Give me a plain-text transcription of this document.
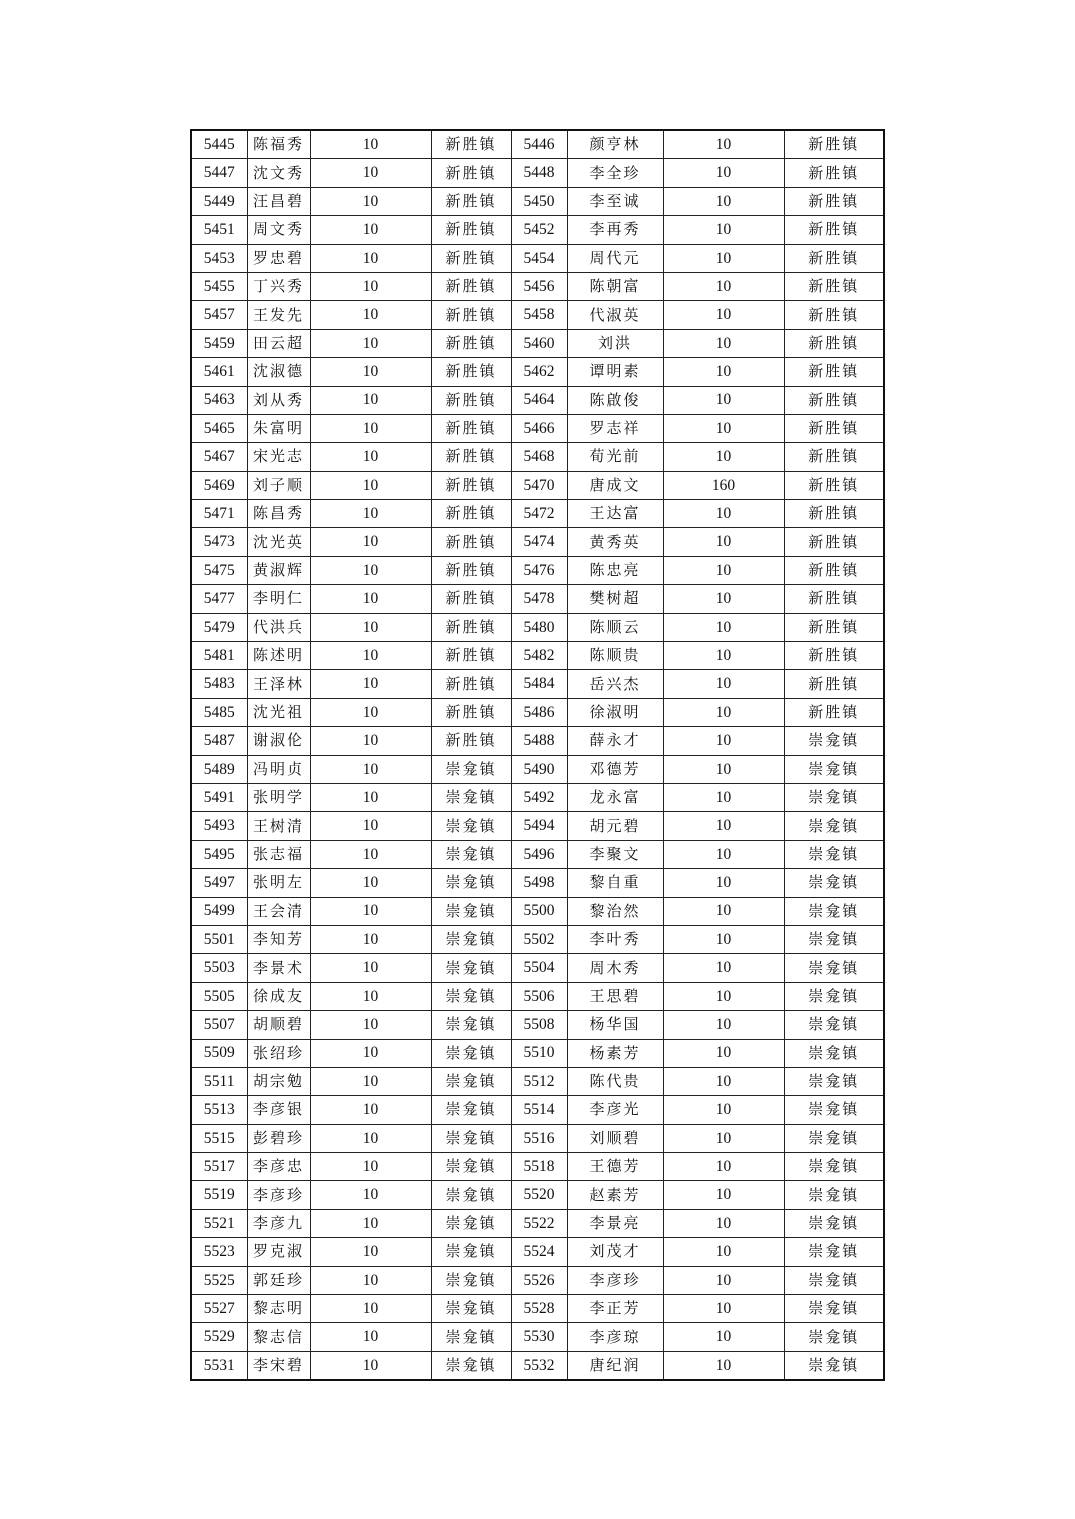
5445	陈福秀	10	新胜镇	5446	颜亨林	10	新胜镇
5447	沈文秀	10	新胜镇	5448	李全珍	10	新胜镇
5449	汪昌碧	10	新胜镇	5450	李至诚	10	新胜镇
5451	周文秀	10	新胜镇	5452	李再秀	10	新胜镇
5453	罗忠碧	10	新胜镇	5454	周代元	10	新胜镇
5455	丁兴秀	10	新胜镇	5456	陈朝富	10	新胜镇
5457	王发先	10	新胜镇	5458	代淑英	10	新胜镇
5459	田云超	10	新胜镇	5460	刘洪	10	新胜镇
5461	沈淑德	10	新胜镇	5462	谭明素	10	新胜镇
5463	刘从秀	10	新胜镇	5464	陈啟俊	10	新胜镇
5465	朱富明	10	新胜镇	5466	罗志祥	10	新胜镇
5467	宋光志	10	新胜镇	5468	荀光前	10	新胜镇
5469	刘子顺	10	新胜镇	5470	唐成文	160	新胜镇
5471	陈昌秀	10	新胜镇	5472	王达富	10	新胜镇
5473	沈光英	10	新胜镇	5474	黄秀英	10	新胜镇
5475	黄淑辉	10	新胜镇	5476	陈忠亮	10	新胜镇
5477	李明仁	10	新胜镇	5478	樊树超	10	新胜镇
5479	代洪兵	10	新胜镇	5480	陈顺云	10	新胜镇
5481	陈述明	10	新胜镇	5482	陈顺贵	10	新胜镇
5483	王泽林	10	新胜镇	5484	岳兴杰	10	新胜镇
5485	沈光祖	10	新胜镇	5486	徐淑明	10	新胜镇
5487	谢淑伦	10	新胜镇	5488	薛永才	10	崇龛镇
5489	冯明贞	10	崇龛镇	5490	邓德芳	10	崇龛镇
5491	张明学	10	崇龛镇	5492	龙永富	10	崇龛镇
5493	王树清	10	崇龛镇	5494	胡元碧	10	崇龛镇
5495	张志福	10	崇龛镇	5496	李聚文	10	崇龛镇
5497	张明左	10	崇龛镇	5498	黎自重	10	崇龛镇
5499	王会清	10	崇龛镇	5500	黎治然	10	崇龛镇
5501	李知芳	10	崇龛镇	5502	李叶秀	10	崇龛镇
5503	李景术	10	崇龛镇	5504	周木秀	10	崇龛镇
5505	徐成友	10	崇龛镇	5506	王思碧	10	崇龛镇
5507	胡顺碧	10	崇龛镇	5508	杨华国	10	崇龛镇
5509	张绍珍	10	崇龛镇	5510	杨素芳	10	崇龛镇
5511	胡宗勉	10	崇龛镇	5512	陈代贵	10	崇龛镇
5513	李彦银	10	崇龛镇	5514	李彦光	10	崇龛镇
5515	彭碧珍	10	崇龛镇	5516	刘顺碧	10	崇龛镇
5517	李彦忠	10	崇龛镇	5518	王德芳	10	崇龛镇
5519	李彦珍	10	崇龛镇	5520	赵素芳	10	崇龛镇
5521	李彦九	10	崇龛镇	5522	李景亮	10	崇龛镇
5523	罗克淑	10	崇龛镇	5524	刘茂才	10	崇龛镇
5525	郭廷珍	10	崇龛镇	5526	李彦珍	10	崇龛镇
5527	黎志明	10	崇龛镇	5528	李正芳	10	崇龛镇
5529	黎志信	10	崇龛镇	5530	李彦琼	10	崇龛镇
5531	李宋碧	10	崇龛镇	5532	唐纪润	10	崇龛镇
